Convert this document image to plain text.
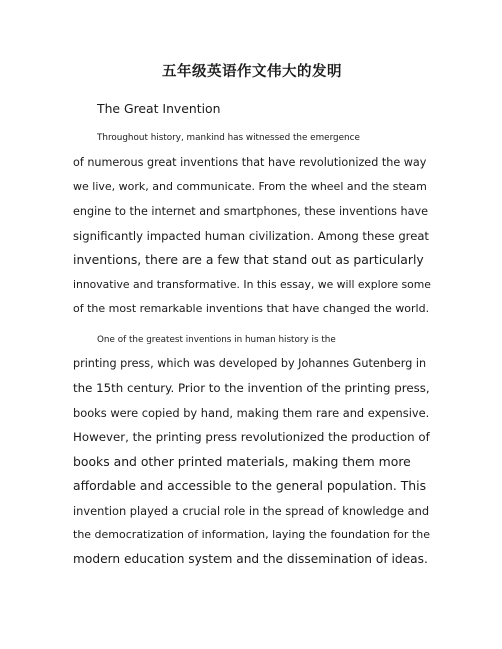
五年级英语作文伟大的发明
The Great Invention
Throughout history, mankind has witnessed the emergence
of numerous great inventions that have revolutionized the way
we live, work, and communicate. From the wheel and the steam
engine to the internet and smartphones, these inventions have
significantly impacted human civilization. Among these great
inventions, there are a few that stand out as particularly
innovative and transformative. In this essay, we will explore some
of the most remarkable inventions that have changed the world.
One of the greatest inventions in human history is the
printing press, which was developed by Johannes Gutenberg in
the 15th century. Prior to the invention of the printing press,
books were copied by hand, making them rare and expensive.
However, the printing press revolutionized the production of
books and other printed materials, making them more
affordable and accessible to the general population. This
invention played a crucial role in the spread of knowledge and
the democratization of information, laying the foundation for the
modern education system and the dissemination of ideas.
